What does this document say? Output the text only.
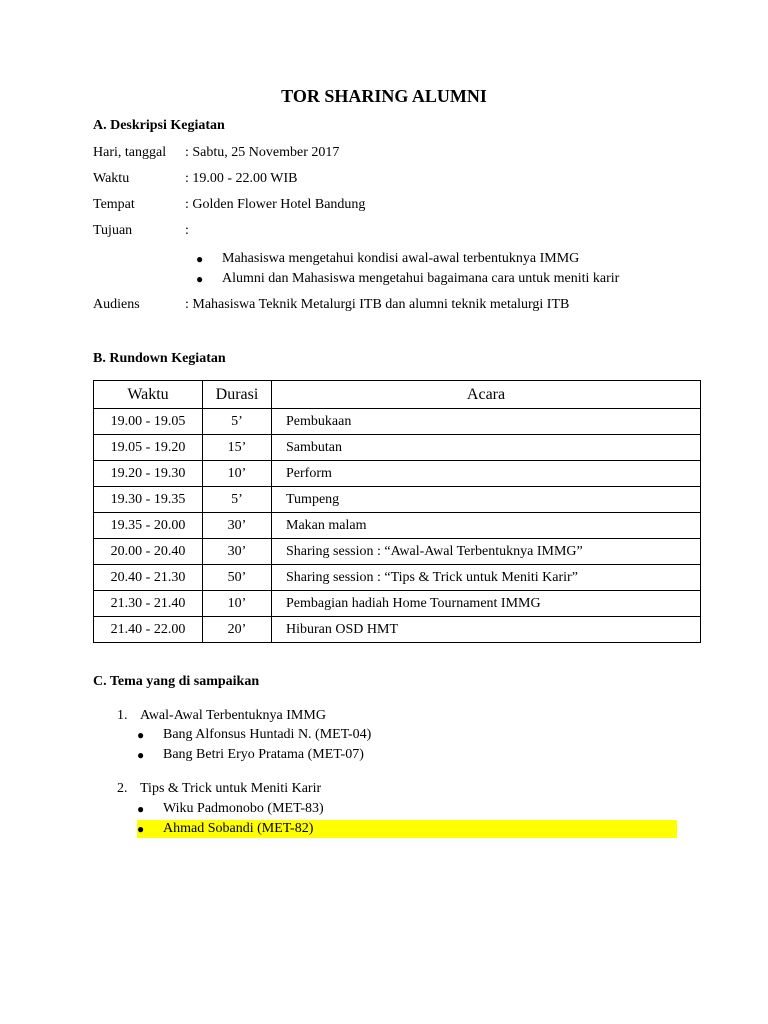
TOR SHARING ALUMNI
A. Deskripsi Kegiatan
Hari, tanggal : Sabtu, 25 November 2017
Waktu	: 19.00 - 22.00 WIB
Tempat	: Golden Flower Hotel Bandung
Tujuan	:
● Mahasiswa mengetahui kondisi awal-awal terbentuknya IMMG
● Alumni dan Mahasiswa mengetahui bagaimana cara untuk meniti karir
Audiens	: Mahasiswa Teknik Metalurgi ITB dan alumni teknik metalurgi ITB
B. Rundown Kegiatan
Waktu	Durasi	Acara
19.00 - 19.05	5’	Pembukaan
19.05 - 19.20	15’	Sambutan
19.20 - 19.30	10’	Perform
19.30 - 19.35	5’	Tumpeng
19.35 - 20.00	30’	Makan malam
20.00 - 20.40	30’	Sharing session : “Awal-Awal Terbentuknya IMMG”
20.40 - 21.30	50’	Sharing session : “Tips & Trick untuk Meniti Karir”
21.30 - 21.40	10’	Pembagian hadiah Home Tournament IMMG
21.40 - 22.00	20’	Hiburan OSD HMT
C. Tema yang di sampaikan
1. Awal-Awal Terbentuknya IMMG
● Bang Alfonsus Huntadi N. (MET-04)
● Bang Betri Eryo Pratama (MET-07)
2. Tips & Trick untuk Meniti Karir
● Wiku Padmonobo (MET-83)
● Ahmad Sobandi (MET-82)
